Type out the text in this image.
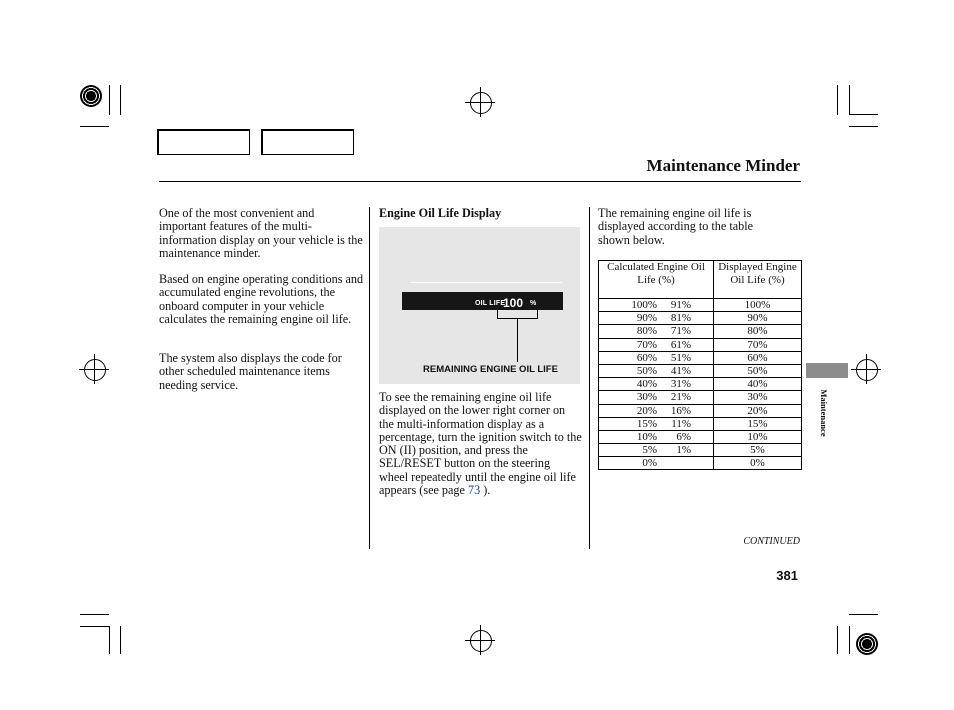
Maintenance Minder
One of the most convenient and important features of the multi-information display on your vehicle is the maintenance minder.
Based on engine operating conditions and accumulated engine revolutions, the onboard computer in your vehicle calculates the remaining engine oil life.
The system also displays the code for other scheduled maintenance items needing service.
Engine Oil Life Display
OIL LIFE
100 %
REMAINING ENGINE OIL LIFE
To see the remaining engine oil life displayed on the lower right corner on the multi-information display as a percentage, turn the ignition switch to the ON (II) position, and press the SEL/RESET button on the steering wheel repeatedly until the engine oil life appears (see page 73 ).
The remaining engine oil life is displayed according to the table shown below.
Calculated Engine Oil Life (%)	Displayed Engine Oil Life (%)
100% 91%	100%
90% 81%	90%
80% 71%	80%
70% 61%	70%
60% 51%	60%
50% 41%	50%
40% 31%	40%
30% 21%	30%
20% 16%	20%
15% 11%	15%
10% 6%	10%
5% 1%	5%
0%	0%
Maintenance
CONTINUED
381
